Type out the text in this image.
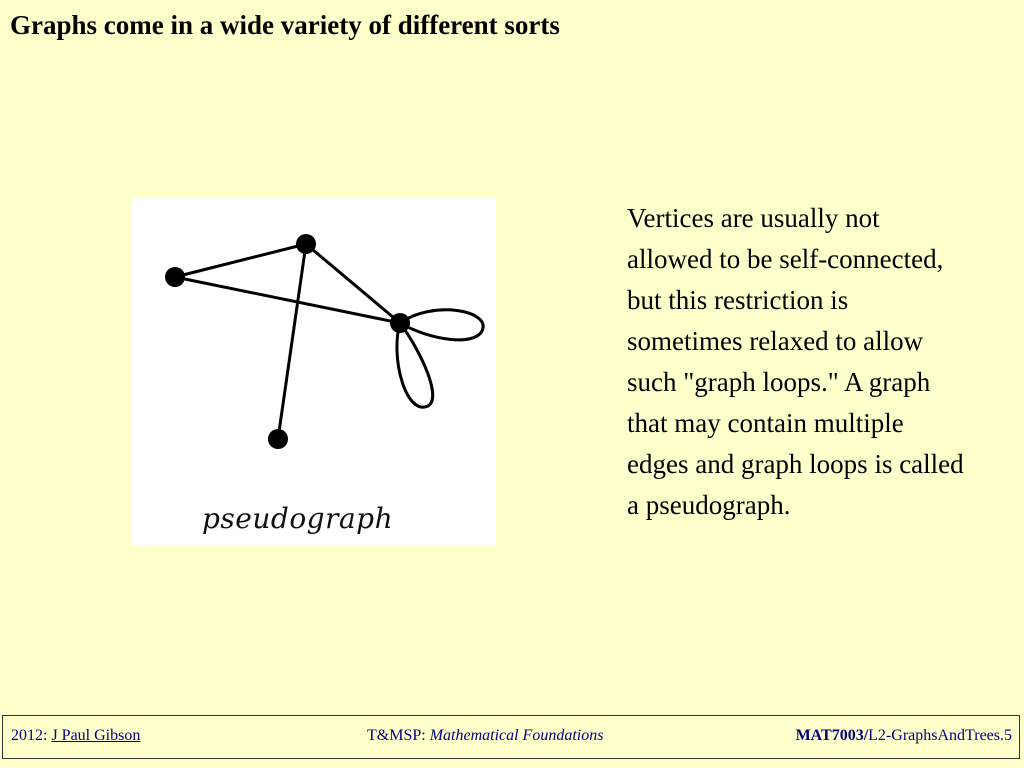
Graphs come in a wide variety of different sorts
pseudograph

Vertices are usually not allowed to be self-connected, but this restriction is sometimes relaxed to allow such "graph loops." A graph that may contain multiple edges and graph loops is called a pseudograph.

2012: J Paul Gibson	T&MSP: Mathematical Foundations	MAT7003/L2-GraphsAndTrees.5
